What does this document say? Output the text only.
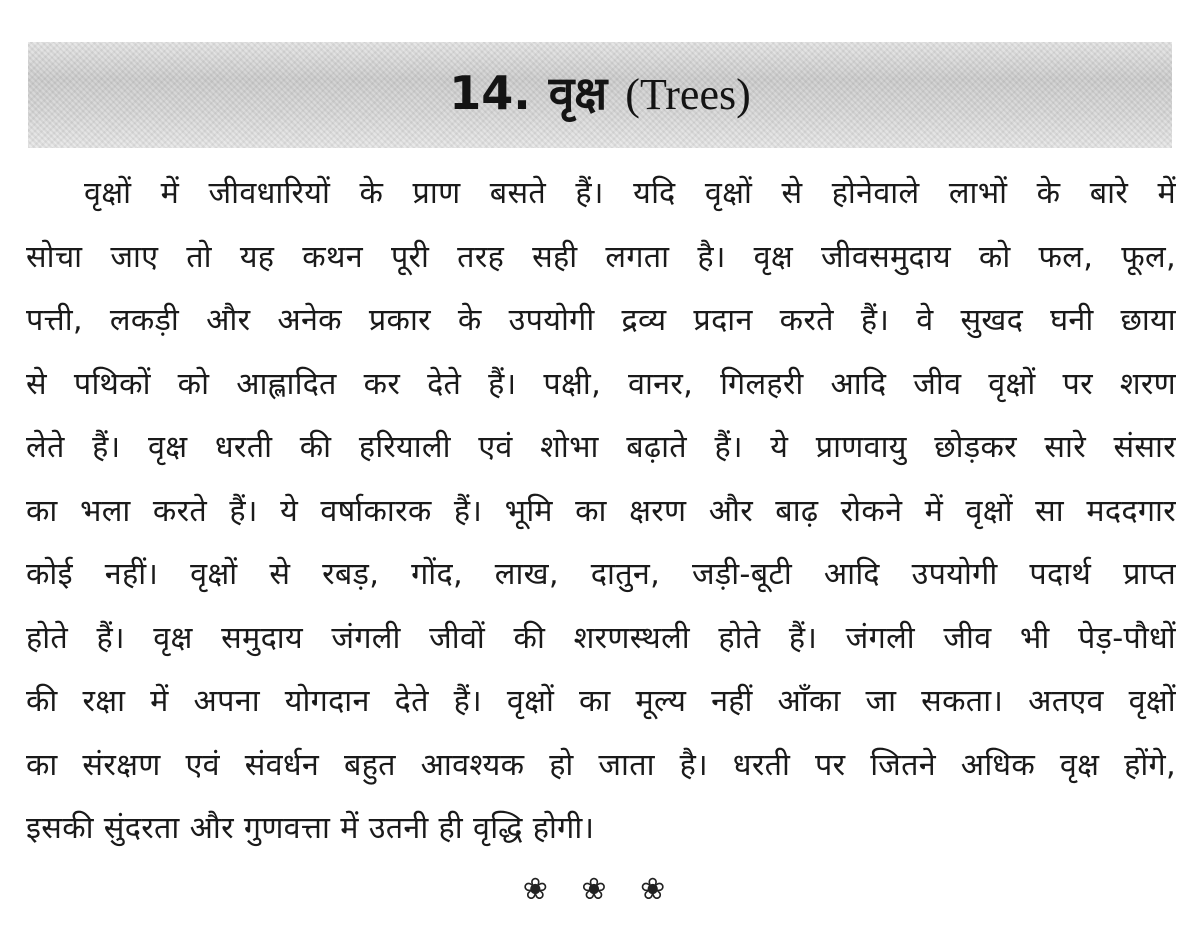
14. वृक्ष (Trees)
वृक्षों में जीवधारियों के प्राण बसते हैं। यदि वृक्षों से होनेवाले लाभों के बारे में
सोचा जाए तो यह कथन पूरी तरह सही लगता है। वृक्ष जीवसमुदाय को फल, फूल,
पत्ती, लकड़ी और अनेक प्रकार के उपयोगी द्रव्य प्रदान करते हैं। वे सुखद घनी छाया
से पथिकों को आह्लादित कर देते हैं। पक्षी, वानर, गिलहरी आदि जीव वृक्षों पर शरण
लेते हैं। वृक्ष धरती की हरियाली एवं शोभा बढ़ाते हैं। ये प्राणवायु छोड़कर सारे संसार
का भला करते हैं। ये वर्षाकारक हैं। भूमि का क्षरण और बाढ़ रोकने में वृक्षों सा मददगार
कोई नहीं। वृक्षों से रबड़, गोंद, लाख, दातुन, जड़ी-बूटी आदि उपयोगी पदार्थ प्राप्त
होते हैं। वृक्ष समुदाय जंगली जीवों की शरणस्थली होते हैं। जंगली जीव भी पेड़-पौधों
की रक्षा में अपना योगदान देते हैं। वृक्षों का मूल्य नहीं आँका जा सकता। अतएव वृक्षों
का संरक्षण एवं संवर्धन बहुत आवश्यक हो जाता है। धरती पर जितने अधिक वृक्ष होंगे,
इसकी सुंदरता और गुणवत्ता में उतनी ही वृद्धि होगी।
❀ ❀ ❀
